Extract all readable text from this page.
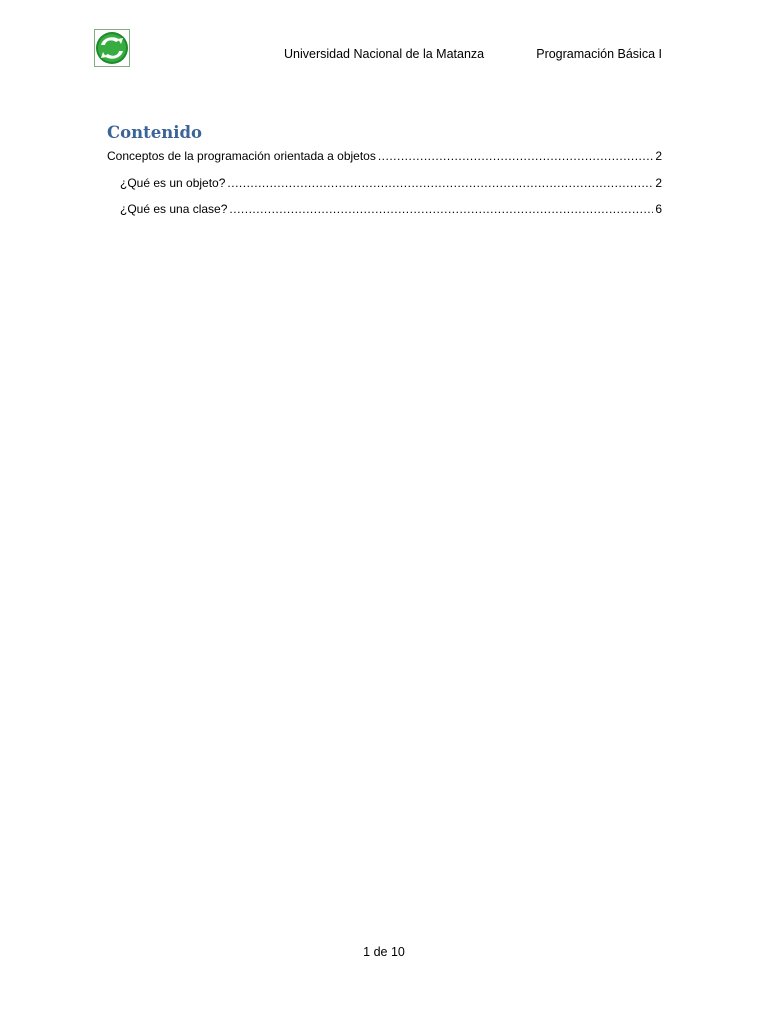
Universidad Nacional de la Matanza	Programación Básica I
Contenido
Conceptos de la programación orientada a objetos .....	2
¿Qué es un objeto? .....	2
¿Qué es una clase? .....	6
1 de 10
